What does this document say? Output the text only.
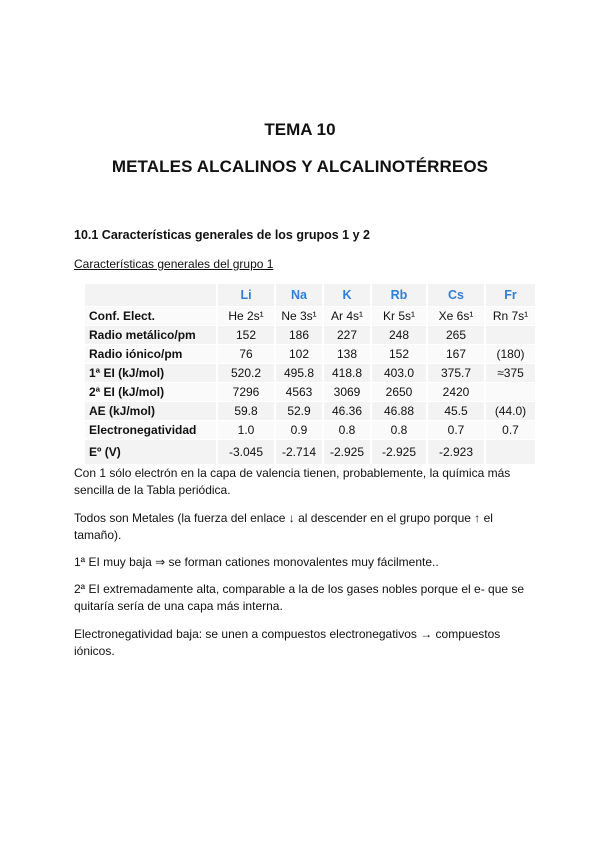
TEMA 10
METALES ALCALINOS Y ALCALINOTÉRREOS
10.1 Características generales de los grupos 1 y 2
Características generales del grupo 1
	Li	Na	K	Rb	Cs	Fr
Conf. Elect.	He 2s¹	Ne 3s¹	Ar 4s¹	Kr 5s¹	Xe 6s¹	Rn 7s¹
Radio metálico/pm	152	186	227	248	265	
Radio iónico/pm	76	102	138	152	167	(180)
1ª EI (kJ/mol)	520.2	495.8	418.8	403.0	375.7	≈375
2ª EI (kJ/mol)	7296	4563	3069	2650	2420	
AE (kJ/mol)	59.8	52.9	46.36	46.88	45.5	(44.0)
Electronegatividad	1.0	0.9	0.8	0.8	0.7	0.7
Eº (V)	-3.045	-2.714	-2.925	-2.925	-2.923	
Con 1 sólo electrón en la capa de valencia tienen, probablemente, la química más sencilla de la Tabla periódica.
Todos son Metales (la fuerza del enlace ↓ al descender en el grupo porque ↑ el tamaño).
1ª EI muy baja ⇒ se forman cationes monovalentes muy fácilmente..
2ª EI extremadamente alta, comparable a la de los gases nobles porque el e- que se quitaría sería de una capa más interna.
Electronegatividad baja: se unen a compuestos electronegativos → compuestos iónicos.
